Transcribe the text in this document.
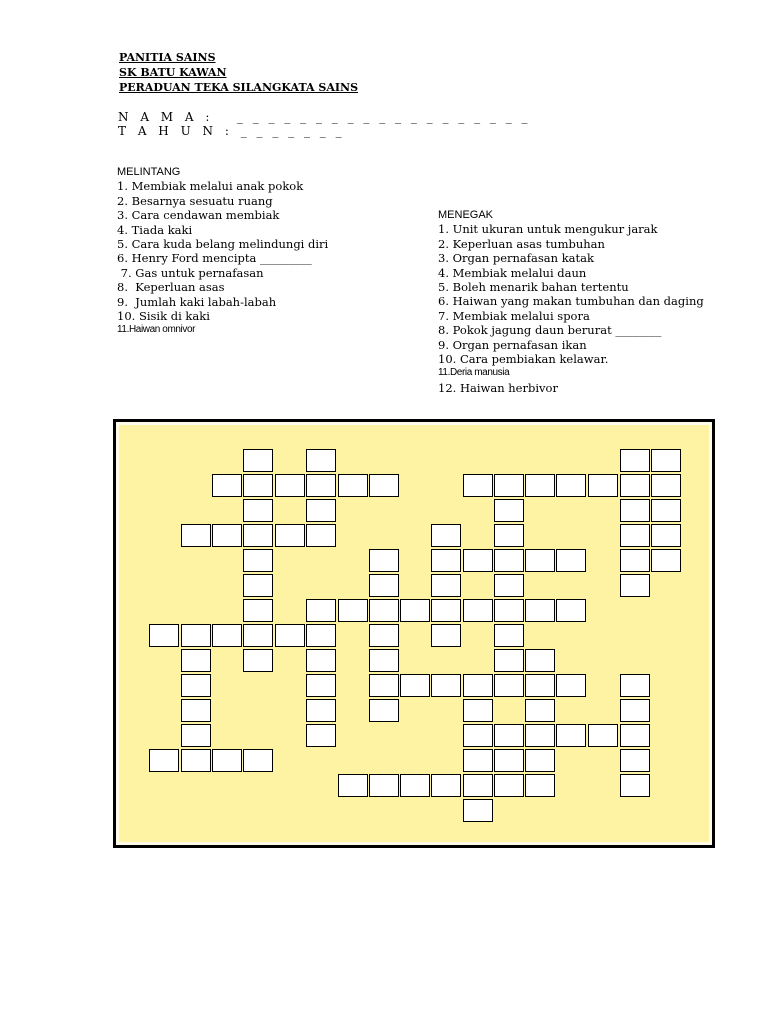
PANITIA SAINS
SK BATU KAWAN
PERADUAN TEKA SILANGKATA SAINS
N A M A : _ _ _ _ _ _ _ _ _ _ _ _ _ _ _ _ _ _ _
T A H U N : _ _ _ _ _ _ _
MELINTANG
1. Membiak melalui anak pokok
2. Besarnya sesuatu ruang
3. Cara cendawan membiak
4. Tiada kaki
5. Cara kuda belang melindungi diri
6. Henry Ford mencipta _________
7. Gas untuk pernafasan
8.  Keperluan asas
9.  Jumlah kaki labah-labah
10. Sisik di kaki
11.Haiwan omnivor
MENEGAK
1. Unit ukuran untuk mengukur jarak
2. Keperluan asas tumbuhan
3. Organ pernafasan katak
4. Membiak melalui daun
5. Boleh menarik bahan tertentu
6. Haiwan yang makan tumbuhan dan daging
7. Membiak melalui spora
8. Pokok jagung daun berurat ________
9. Organ pernafasan ikan
10. Cara pembiakan kelawar.
11.Deria manusia
12. Haiwan herbivor
